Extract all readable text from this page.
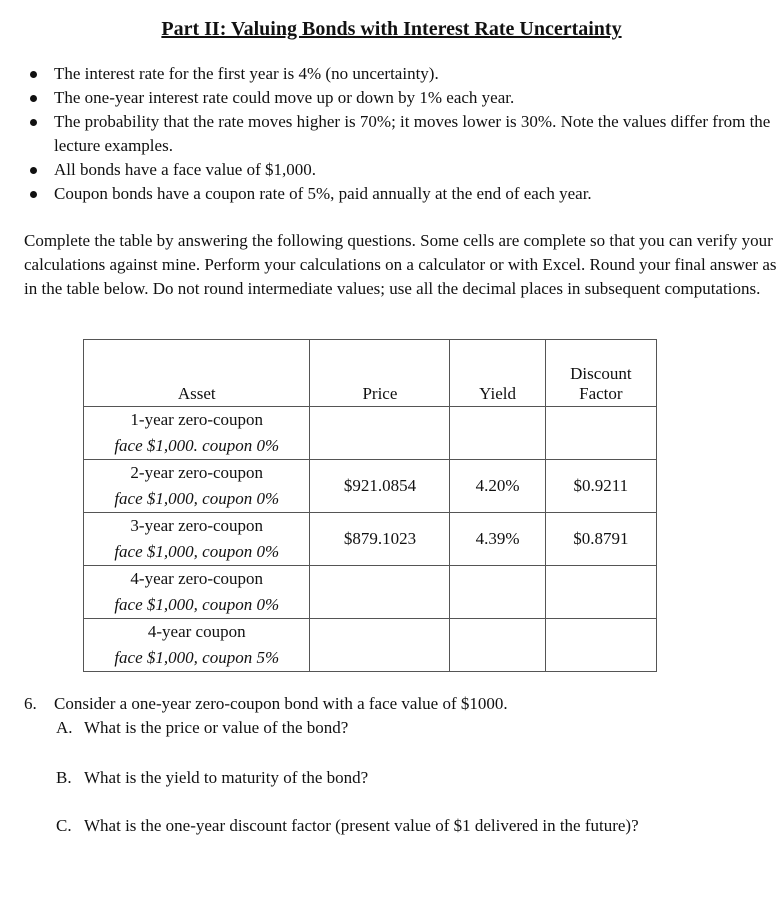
Part II: Valuing Bonds with Interest Rate Uncertainty
The interest rate for the first year is 4% (no uncertainty).
The one-year interest rate could move up or down by 1% each year.
The probability that the rate moves higher is 70%; it moves lower is 30%. Note the values differ from the lecture examples.
All bonds have a face value of $1,000.
Coupon bonds have a coupon rate of 5%, paid annually at the end of each year.
Complete the table by answering the following questions. Some cells are complete so that you can verify your calculations against mine. Perform your calculations on a calculator or with Excel. Round your final answer as in the table below. Do not round intermediate values; use all the decimal places in subsequent computations.
Asset	Price	Yield	Discount
Factor

1-year zero-coupon
face $1,000. coupon 0%			

2-year zero-coupon
face $1,000, coupon 0%	$921.0854	4.20%	$0.9211

3-year zero-coupon
face $1,000, coupon 0%	$879.1023	4.39%	$0.8791

4-year zero-coupon
face $1,000, coupon 0%			

4-year coupon
face $1,000, coupon 5%			

6. Consider a one-year zero-coupon bond with a face value of $1000.
A. What is the price or value of the bond?
B. What is the yield to maturity of the bond?
C. What is the one-year discount factor (present value of $1 delivered in the future)?
